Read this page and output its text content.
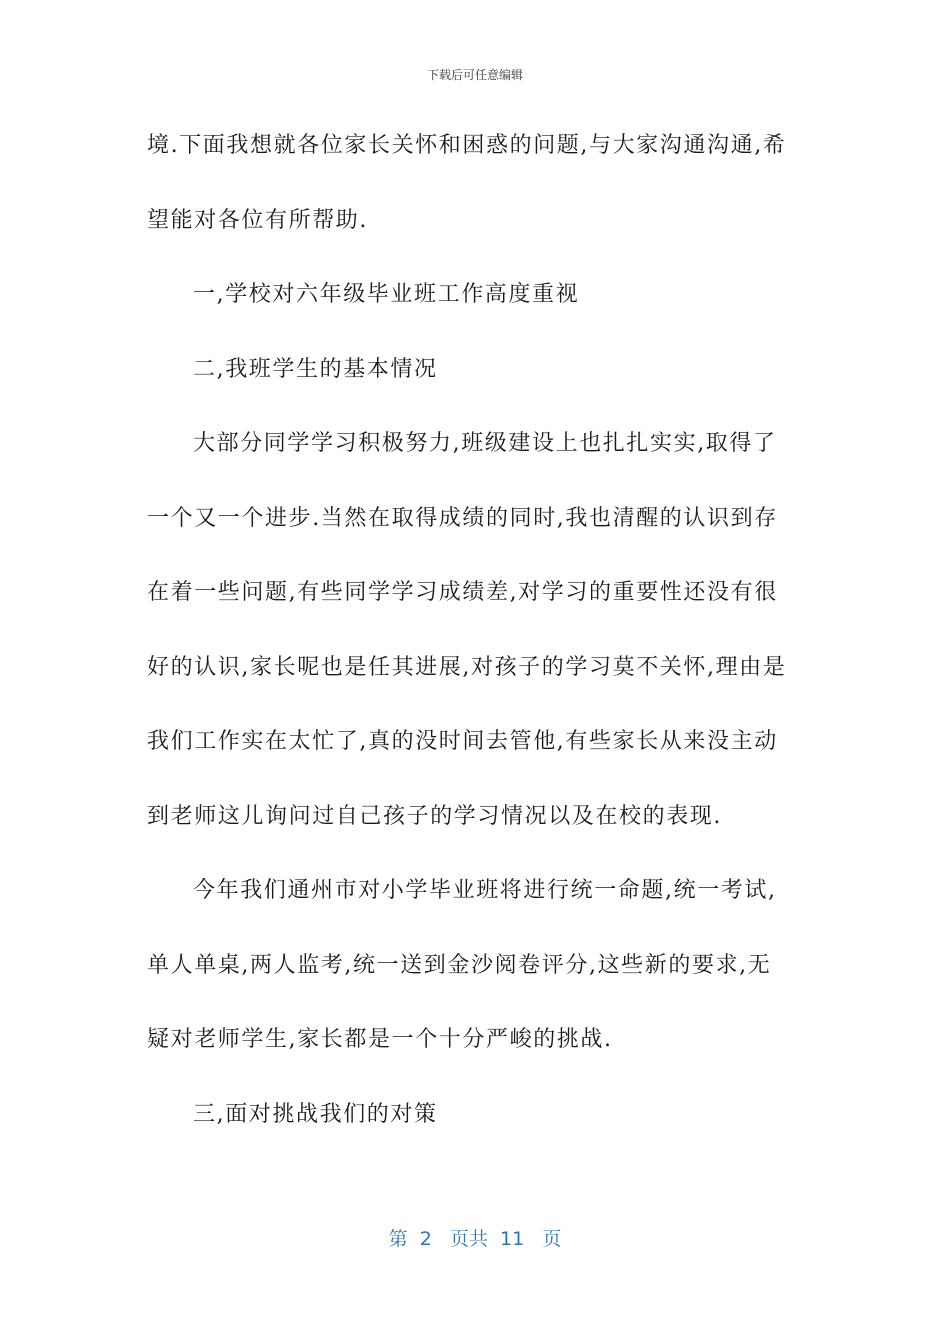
下载后可任意编辑
境.下面我想就各位家长关怀和困惑的问题,与大家沟通沟通,希
望能对各位有所帮助.
一,学校对六年级毕业班工作高度重视
二,我班学生的基本情况
大部分同学学习积极努力,班级建设上也扎扎实实,取得了
一个又一个进步.当然在取得成绩的同时,我也清醒的认识到存
在着一些问题,有些同学学习成绩差,对学习的重要性还没有很
好的认识,家长呢也是任其进展,对孩子的学习莫不关怀,理由是
我们工作实在太忙了,真的没时间去管他,有些家长从来没主动
到老师这儿询问过自己孩子的学习情况以及在校的表现.
今年我们通州市对小学毕业班将进行统一命题,统一考试,
单人单桌,两人监考,统一送到金沙阅卷评分,这些新的要求,无
疑对老师学生,家长都是一个十分严峻的挑战.
三,面对挑战我们的对策
第  2   页共  11   页
